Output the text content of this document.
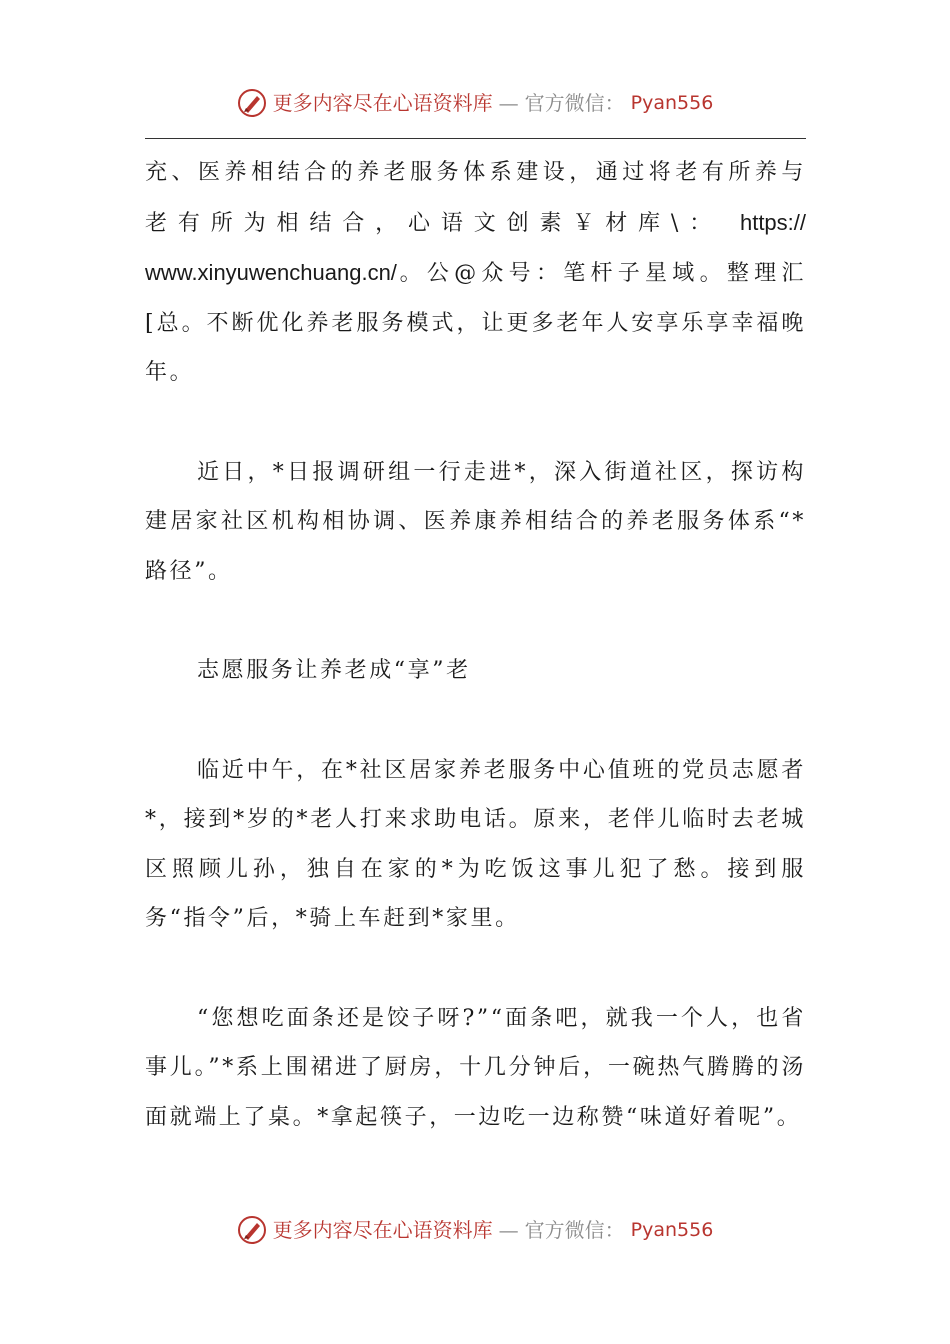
更多内容尽在心语资料库 — 官方微信： Pyan556

充、医养相结合的养老服务体系建设，通过将老有所养与
老有所为相结合，心语文创素￥材库\： https://
www.xinyuwenchuang.cn/。公@众号：笔杆子星域。整理汇
[总。不断优化养老服务模式，让更多老年人安享乐享幸福晚年。

近日，*日报调研组一行走进*，深入街道社区，探访构建居家社区机构相协调、医养康养相结合的养老服务体系“*路径”。

志愿服务让养老成“享”老

临近中午，在*社区居家养老服务中心值班的党员志愿者*，接到*岁的*老人打来求助电话。原来，老伴儿临时去老城区照顾儿孙，独自在家的*为吃饭这事儿犯了愁。接到服务“指令”后，*骑上车赶到*家里。

“您想吃面条还是饺子呀?”“面条吧，就我一个人，也省事儿。”*系上围裙进了厨房，十几分钟后，一碗热气腾腾的汤面就端上了桌。*拿起筷子，一边吃一边称赞“味道好着呢”。

更多内容尽在心语资料库 — 官方微信： Pyan556
